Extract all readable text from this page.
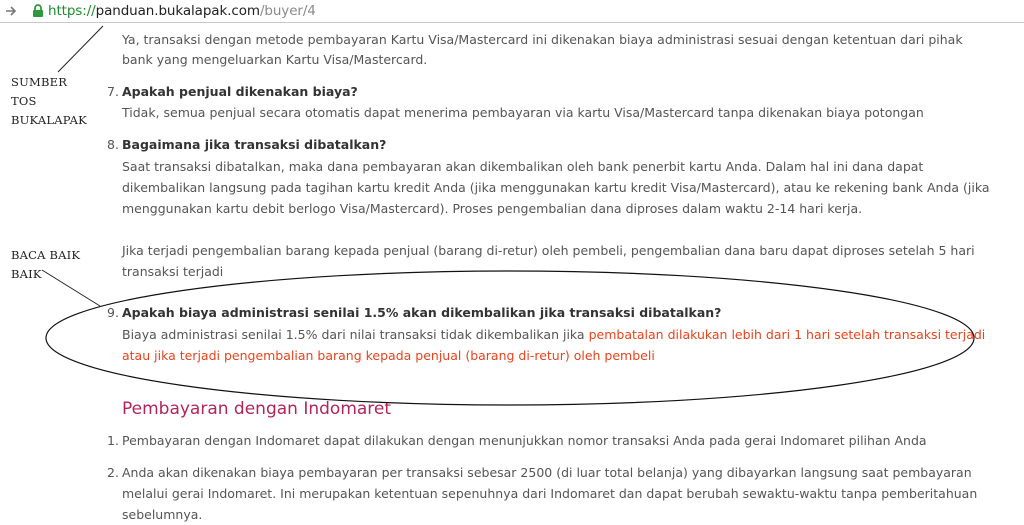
https://panduan.bukalapak.com/buyer/4
Ya, transaksi dengan metode pembayaran Kartu Visa/Mastercard ini dikenakan biaya administrasi sesuai dengan ketentuan dari pihak
bank yang mengeluarkan Kartu Visa/Mastercard.
7. Apakah penjual dikenakan biaya?
Tidak, semua penjual secara otomatis dapat menerima pembayaran via kartu Visa/Mastercard tanpa dikenakan biaya potongan
8. Bagaimana jika transaksi dibatalkan?
Saat transaksi dibatalkan, maka dana pembayaran akan dikembalikan oleh bank penerbit kartu Anda. Dalam hal ini dana dapat
dikembalikan langsung pada tagihan kartu kredit Anda (jika menggunakan kartu kredit Visa/Mastercard), atau ke rekening bank Anda (jika
menggunakan kartu debit berlogo Visa/Mastercard). Proses pengembalian dana diproses dalam waktu 2-14 hari kerja.
Jika terjadi pengembalian barang kepada penjual (barang di-retur) oleh pembeli, pengembalian dana baru dapat diproses setelah 5 hari
transaksi terjadi
9. Apakah biaya administrasi senilai 1.5% akan dikembalikan jika transaksi dibatalkan?
Biaya administrasi senilai 1.5% dari nilai transaksi tidak dikembalikan jika pembatalan dilakukan lebih dari 1 hari setelah transaksi terjadi
atau jika terjadi pengembalian barang kepada penjual (barang di-retur) oleh pembeli
Pembayaran dengan Indomaret
1. Pembayaran dengan Indomaret dapat dilakukan dengan menunjukkan nomor transaksi Anda pada gerai Indomaret pilihan Anda
2. Anda akan dikenakan biaya pembayaran per transaksi sebesar 2500 (di luar total belanja) yang dibayarkan langsung saat pembayaran
melalui gerai Indomaret. Ini merupakan ketentuan sepenuhnya dari Indomaret dan dapat berubah sewaktu-waktu tanpa pemberitahuan
sebelumnya.
SUMBER
TOS
BUKALAPAK
BACA BAIK
BAIK
